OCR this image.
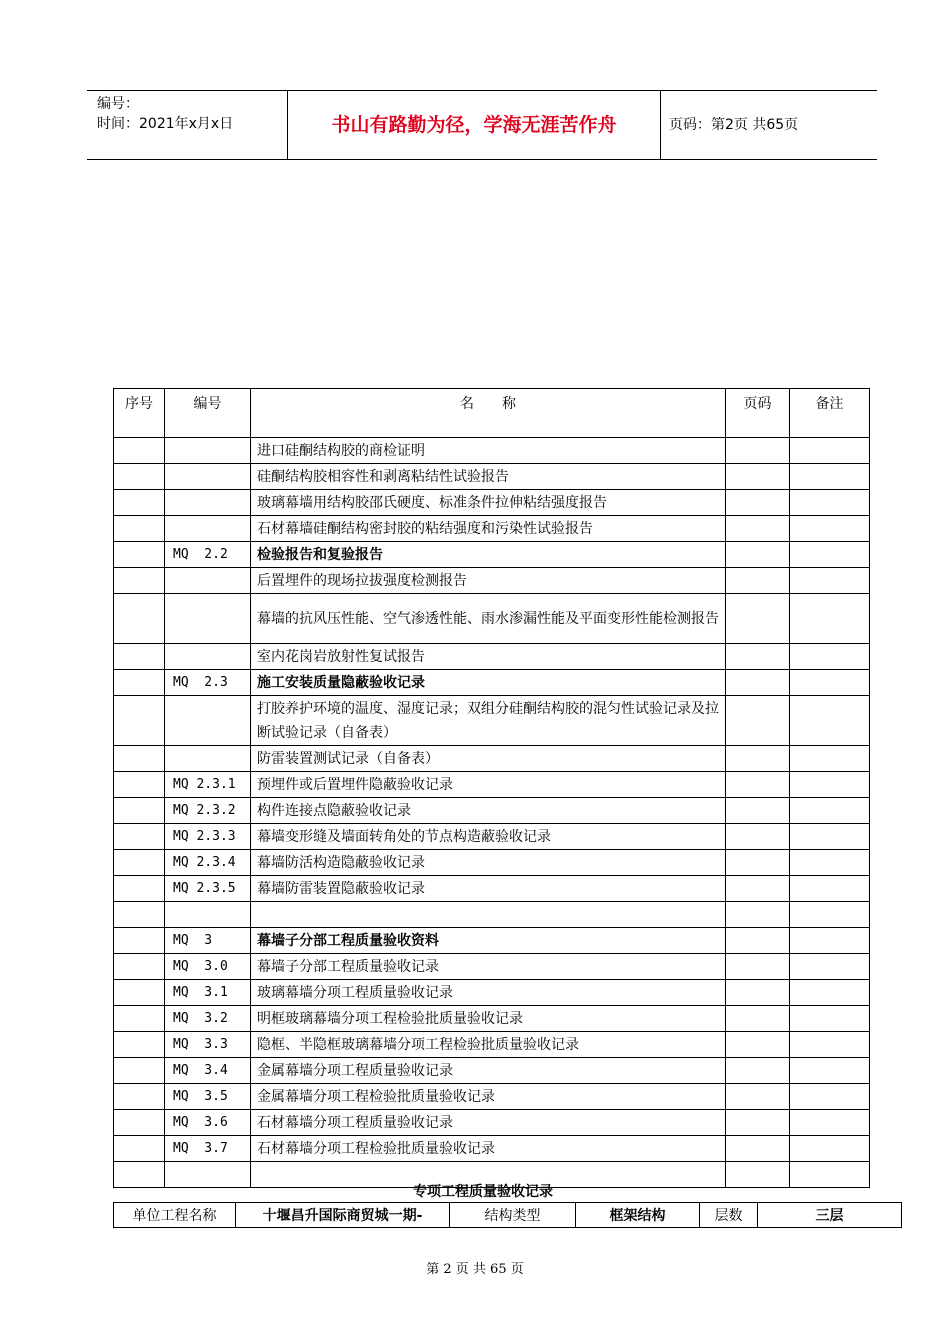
编号：
时间：2021年x月x日	书山有路勤为径，学海无涯苦作舟	页码：第2页 共65页
序号	编号	名　　称	页码	备注
		进口硅酮结构胶的商检证明		
		硅酮结构胶相容性和剥离粘结性试验报告		
		玻璃幕墙用结构胶邵氏硬度、标准条件拉伸粘结强度报告		
		石材幕墙硅酮结构密封胶的粘结强度和污染性试验报告		
	MQ  2.2	检验报告和复验报告		
		后置埋件的现场拉拔强度检测报告		
		幕墙的抗风压性能、空气渗透性能、雨水渗漏性能及平面变形性能检测报告		
		室内花岗岩放射性复试报告		
	MQ  2.3	施工安装质量隐蔽验收记录		
		打胶养护环境的温度、湿度记录；双组分硅酮结构胶的混匀性试验记录及拉断试验记录（自备表）		
		防雷装置测试记录（自备表）		
	MQ 2.3.1	预埋件或后置埋件隐蔽验收记录		
	MQ 2.3.2	构件连接点隐蔽验收记录		
	MQ 2.3.3	幕墙变形缝及墙面转角处的节点构造蔽验收记录		
	MQ 2.3.4	幕墙防活构造隐蔽验收记录		
	MQ 2.3.5	幕墙防雷装置隐蔽验收记录		

	MQ  3	幕墙子分部工程质量验收资料		
	MQ  3.0	幕墙子分部工程质量验收记录		
	MQ  3.1	玻璃幕墙分项工程质量验收记录		
	MQ  3.2	明框玻璃幕墙分项工程检验批质量验收记录		
	MQ  3.3	隐框、半隐框玻璃幕墙分项工程检验批质量验收记录		
	MQ  3.4	金属幕墙分项工程质量验收记录		
	MQ  3.5	金属幕墙分项工程检验批质量验收记录		
	MQ  3.6	石材幕墙分项工程质量验收记录		
	MQ  3.7	石材幕墙分项工程检验批质量验收记录		

专项工程质量验收记录
单位工程名称	十堰昌升国际商贸城一期-	结构类型	框架结构	层数	三层
第 2 页 共 65 页
